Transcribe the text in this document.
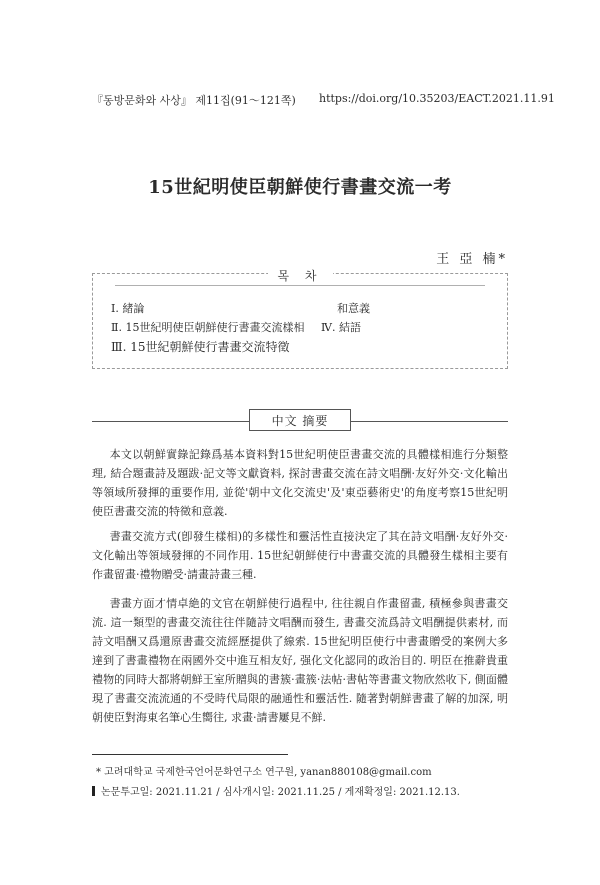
『동방문화와 사상』 제11집(91～121쪽) https://doi.org/10.35203/EACT.2021.11.91
15世紀明使臣朝鮮使行書畫交流一考
王 亞 楠*
목 차
Ⅰ. 緒論
Ⅱ. 15世紀明使臣朝鮮使行書畫交流樣相
Ⅲ. 15世紀朝鮮使行書畫交流特徵
和意義
Ⅳ. 結語
中文 摘要

本文以朝鮮實錄記錄爲基本資料對15世紀明使臣書畫交流的具體樣相進行分類整理, 結合題畫詩及題跋·記文等文獻資料, 探討書畫交流在詩文唱酬·友好外交·文化輸出等領域所發揮的重要作用, 並從'朝中文化交流史'及'東亞藝術史'的角度考察15世紀明使臣書畫交流的特徵和意義.

書畫交流方式(卽發生樣相)的多樣性和靈活性直接決定了其在詩文唱酬·友好外交·文化輸出等領域發揮的不同作用. 15世紀朝鮮使行中書畫交流的具體發生樣相主要有作畫留畫·禮物贈受·請畫詩畫三種.

書畫方面才情卓絶的文官在朝鮮使行過程中, 往往親自作畫留畫, 積極參與書畫交流. 這一類型的書畫交流往往伴隨詩文唱酬而發生, 書畫交流爲詩文唱酬提供素材, 而詩文唱酬又爲還原書畫交流經歷提供了線索. 15世紀明臣使行中書畫贈受的案例大多達到了書畫禮物在兩國外交中進互相友好, 强化文化認同的政治目的. 明臣在推辭貴重禮物的同時大都將朝鮮王室所贈與的書簇·畫簇·法帖·書帖等書畫文物欣然收下, 側面體現了書畫交流流通的不受時代局限的融通性和靈活性. 隨著對朝鮮書畫了解的加深, 明朝使臣對海東名筆心生嚮往, 求畫·請書屢見不鮮.

* 고려대학교 국제한국언어문화연구소 연구원, yanan880108@gmail.com
논문투고일: 2021.11.21 / 심사개시일: 2021.11.25 / 게재확정일: 2021.12.13.
